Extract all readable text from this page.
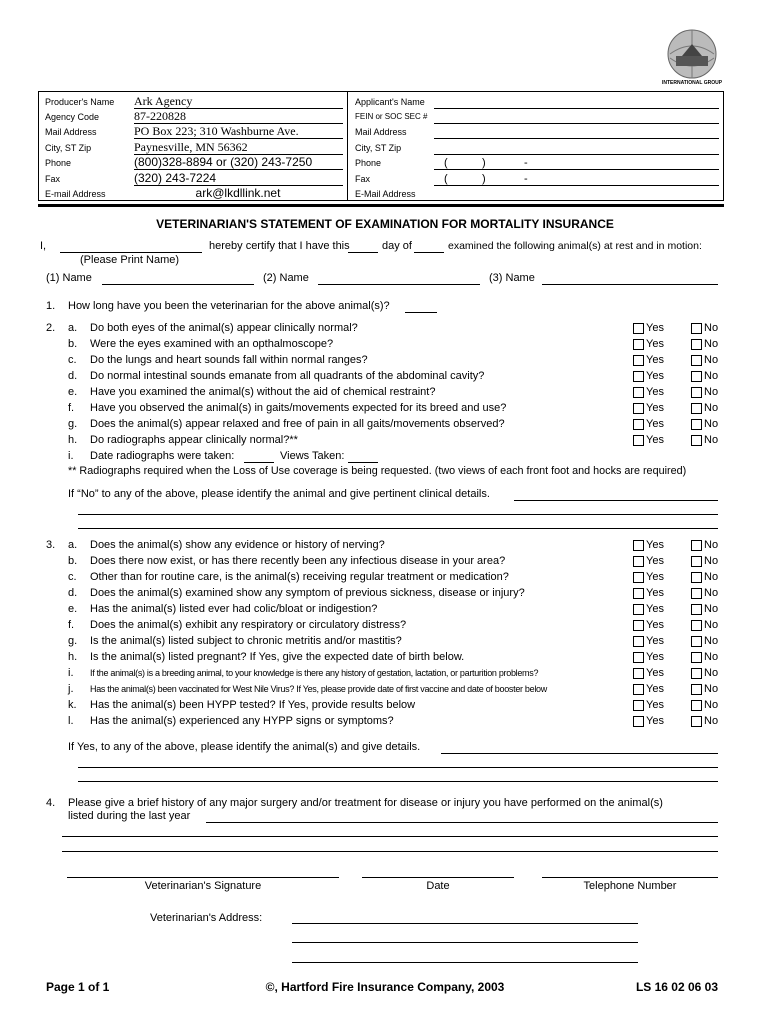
INTERNATIONAL GROUP
Producer's Name Ark Agency
Agency Code	87-220828
Mail Address	PO Box 223; 310 Washburne Ave.
City, ST Zip	Paynesville, MN 56362
Phone	(800)328-8894 or (320) 243-7250
Fax	(320) 243-7224
E-mail Address	ark@lkdllink.net
Applicant's Name
FEIN or SOC SEC #
Mail Address
City, ST Zip
Phone	(	)	-
Fax	(	)	-
E-Mail Address
VETERINARIAN'S STATEMENT OF EXAMINATION FOR MORTALITY INSURANCE
I,	hereby certify that I have this	day of	examined the following animal(s) at rest and in motion:
(Please Print Name)
(1) Name	(2) Name	(3) Name
1. How long have you been the veterinarian for the above animal(s)?
2. a. Do both eyes of the animal(s) appear clinically normal?	Yes	No
b. Were the eyes examined with an opthalmoscope?	Yes	No
c. Do the lungs and heart sounds fall within normal ranges?	Yes	No
d. Do normal intestinal sounds emanate from all quadrants of the abdominal cavity?	Yes	No
e. Have you examined the animal(s) without the aid of chemical restraint?	Yes	No
f. Have you observed the animal(s) in gaits/movements expected for its breed and use?	Yes	No
g. Does the animal(s) appear relaxed and free of pain in all gaits/movements observed?	Yes	No
h. Do radiographs appear clinically normal?**	Yes	No
i. Date radiographs were taken:	Views Taken:
** Radiographs required when the Loss of Use coverage is being requested. (two views of each front foot and hocks are required)
If “No” to any of the above, please identify the animal and give pertinent clinical details.
3. a. Does the animal(s) show any evidence or history of nerving?	Yes	No
b. Does there now exist, or has there recently been any infectious disease in your area?	Yes	No
c. Other than for routine care, is the animal(s) receiving regular treatment or medication?	Yes	No
d. Does the animal(s) examined show any symptom of previous sickness, disease or injury?	Yes	No
e. Has the animal(s) listed ever had colic/bloat or indigestion?	Yes	No
f. Does the animal(s) exhibit any respiratory or circulatory distress?	Yes	No
g. Is the animal(s) listed subject to chronic metritis and/or mastitis?	Yes	No
h. Is the animal(s) listed pregnant? If Yes, give the expected date of birth below.	Yes	No
i. If the animal(s) is a breeding animal, to your knowledge is there any history of gestation, lactation, or parturition problems?	Yes	No
j. Has the animal(s) been vaccinated for West Nile Virus? If Yes, please provide date of first vaccine and date of booster below	Yes	No
k. Has the animal(s) been HYPP tested? If Yes, provide results below	Yes	No
l. Has the animal(s) experienced any HYPP signs or symptoms?	Yes	No
If Yes, to any of the above, please identify the animal(s) and give details.
4. Please give a brief history of any major surgery and/or treatment for disease or injury you have performed on the animal(s)
listed during the last year
Veterinarian's Signature	Date	Telephone Number
Veterinarian's Address:
Page 1 of 1	©, Hartford Fire Insurance Company, 2003	LS 16 02 06 03
